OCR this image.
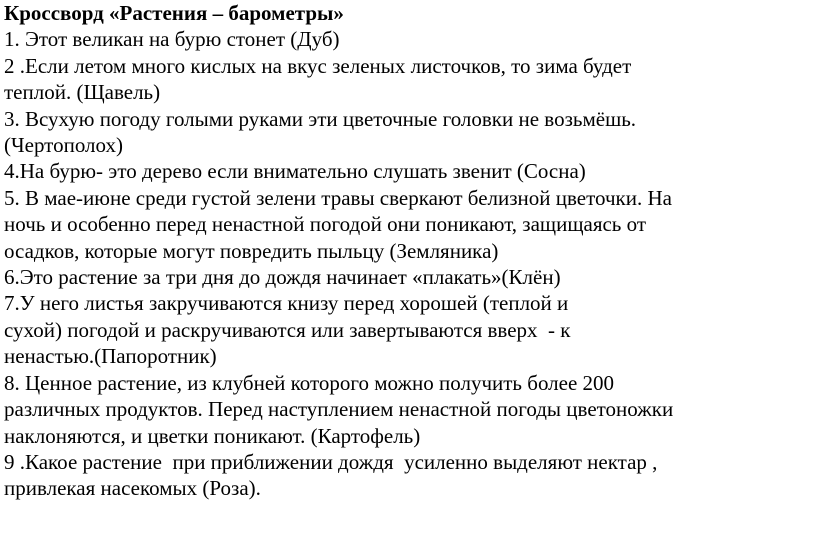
Кроссворд «Растения – барометры»
1. Этот великан на бурю стонет (Дуб)
2 .Если летом много кислых на вкус зеленых листочков, то зима будет
теплой. (Щавель)
3. Всухую погоду голыми руками эти цветочные головки не возьмёшь.
(Чертополох)
4.На бурю- это дерево если внимательно слушать звенит (Сосна)
5. В мае-июне среди густой зелени травы сверкают белизной цветочки. На
ночь и особенно перед ненастной погодой они поникают, защищаясь от
осадков, которые могут повредить пыльцу (Земляника)
6.Это растение за три дня до дождя начинает «плакать»(Клён)
7.У него листья закручиваются книзу перед хорошей (теплой и
сухой) погодой и раскручиваются или завертываются вверх  - к
ненастью.(Папоротник)
8. Ценное растение, из клубней которого можно получить более 200
различных продуктов. Перед наступлением ненастной погоды цветоножки
наклоняются, и цветки поникают. (Картофель)
9 .Какое растение  при приближении дождя  усиленно выделяют нектар ,
привлекая насекомых (Роза).
